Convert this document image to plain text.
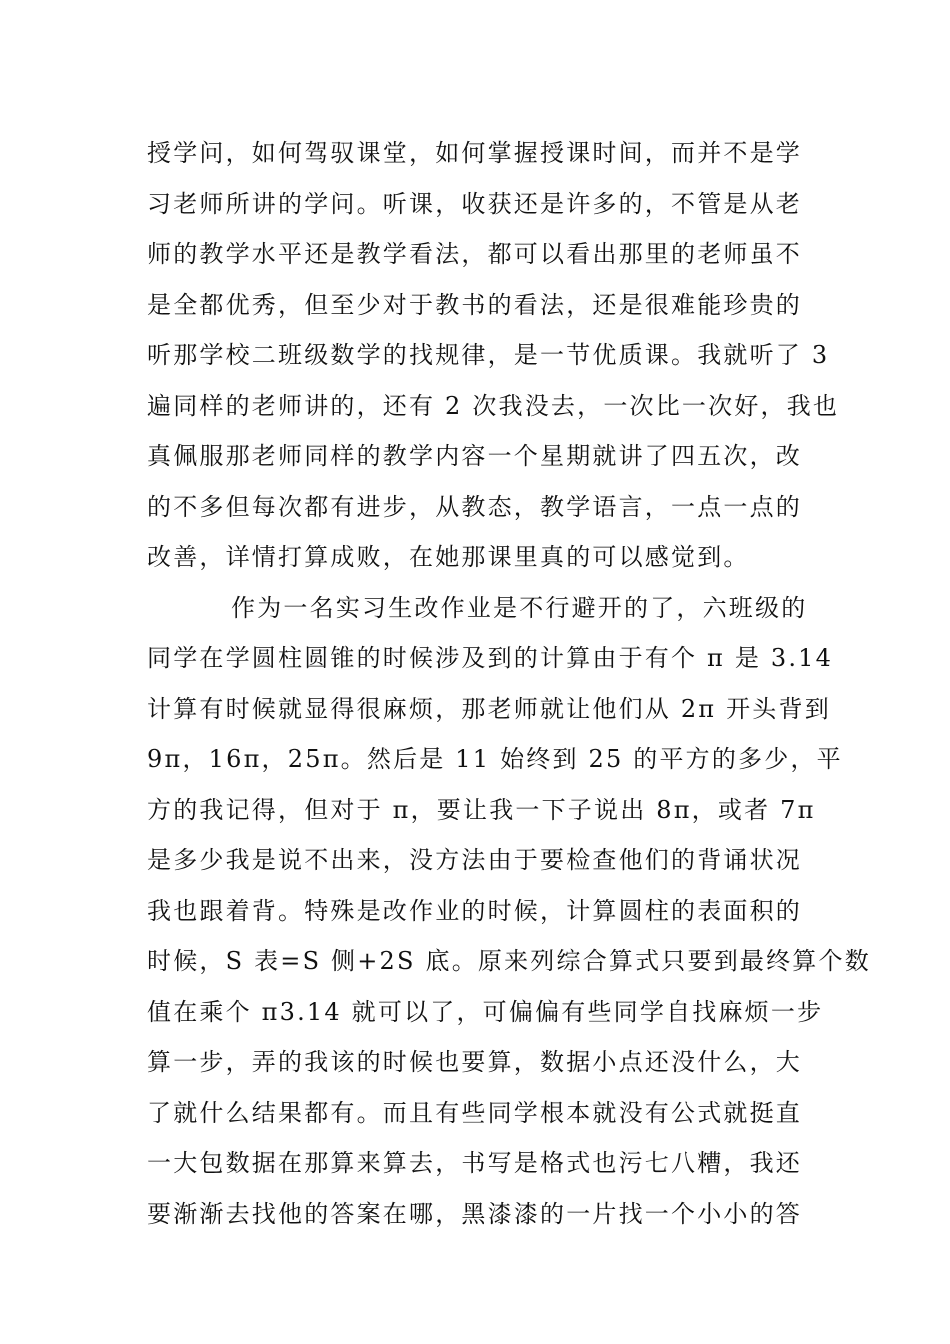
授学问，如何驾驭课堂，如何掌握授课时间，而并不是学
习老师所讲的学问。听课，收获还是许多的，不管是从老
师的教学水平还是教学看法，都可以看出那里的老师虽不
是全都优秀，但至少对于教书的看法，还是很难能珍贵的
听那学校二班级数学的找规律，是一节优质课。我就听了 3
遍同样的老师讲的，还有 2 次我没去，一次比一次好，我也
真佩服那老师同样的教学内容一个星期就讲了四五次，改
的不多但每次都有进步，从教态，教学语言，一点一点的
改善，详情打算成败，在她那课里真的可以感觉到。
作为一名实习生改作业是不行避开的了，六班级的
同学在学圆柱圆锥的时候涉及到的计算由于有个 π 是 3.14
计算有时候就显得很麻烦，那老师就让他们从 2π 开头背到
9π，16π，25π。然后是 11 始终到 25 的平方的多少，平
方的我记得，但对于 π，要让我一下子说出 8π，或者 7π
是多少我是说不出来，没方法由于要检查他们的背诵状况
我也跟着背。特殊是改作业的时候，计算圆柱的表面积的
时候，S 表=S 侧+2S 底。原来列综合算式只要到最终算个数
值在乘个 π3.14 就可以了，可偏偏有些同学自找麻烦一步
算一步，弄的我该的时候也要算，数据小点还没什么，大
了就什么结果都有。而且有些同学根本就没有公式就挺直
一大包数据在那算来算去，书写是格式也污七八糟，我还
要渐渐去找他的答案在哪，黑漆漆的一片找一个小小的答
